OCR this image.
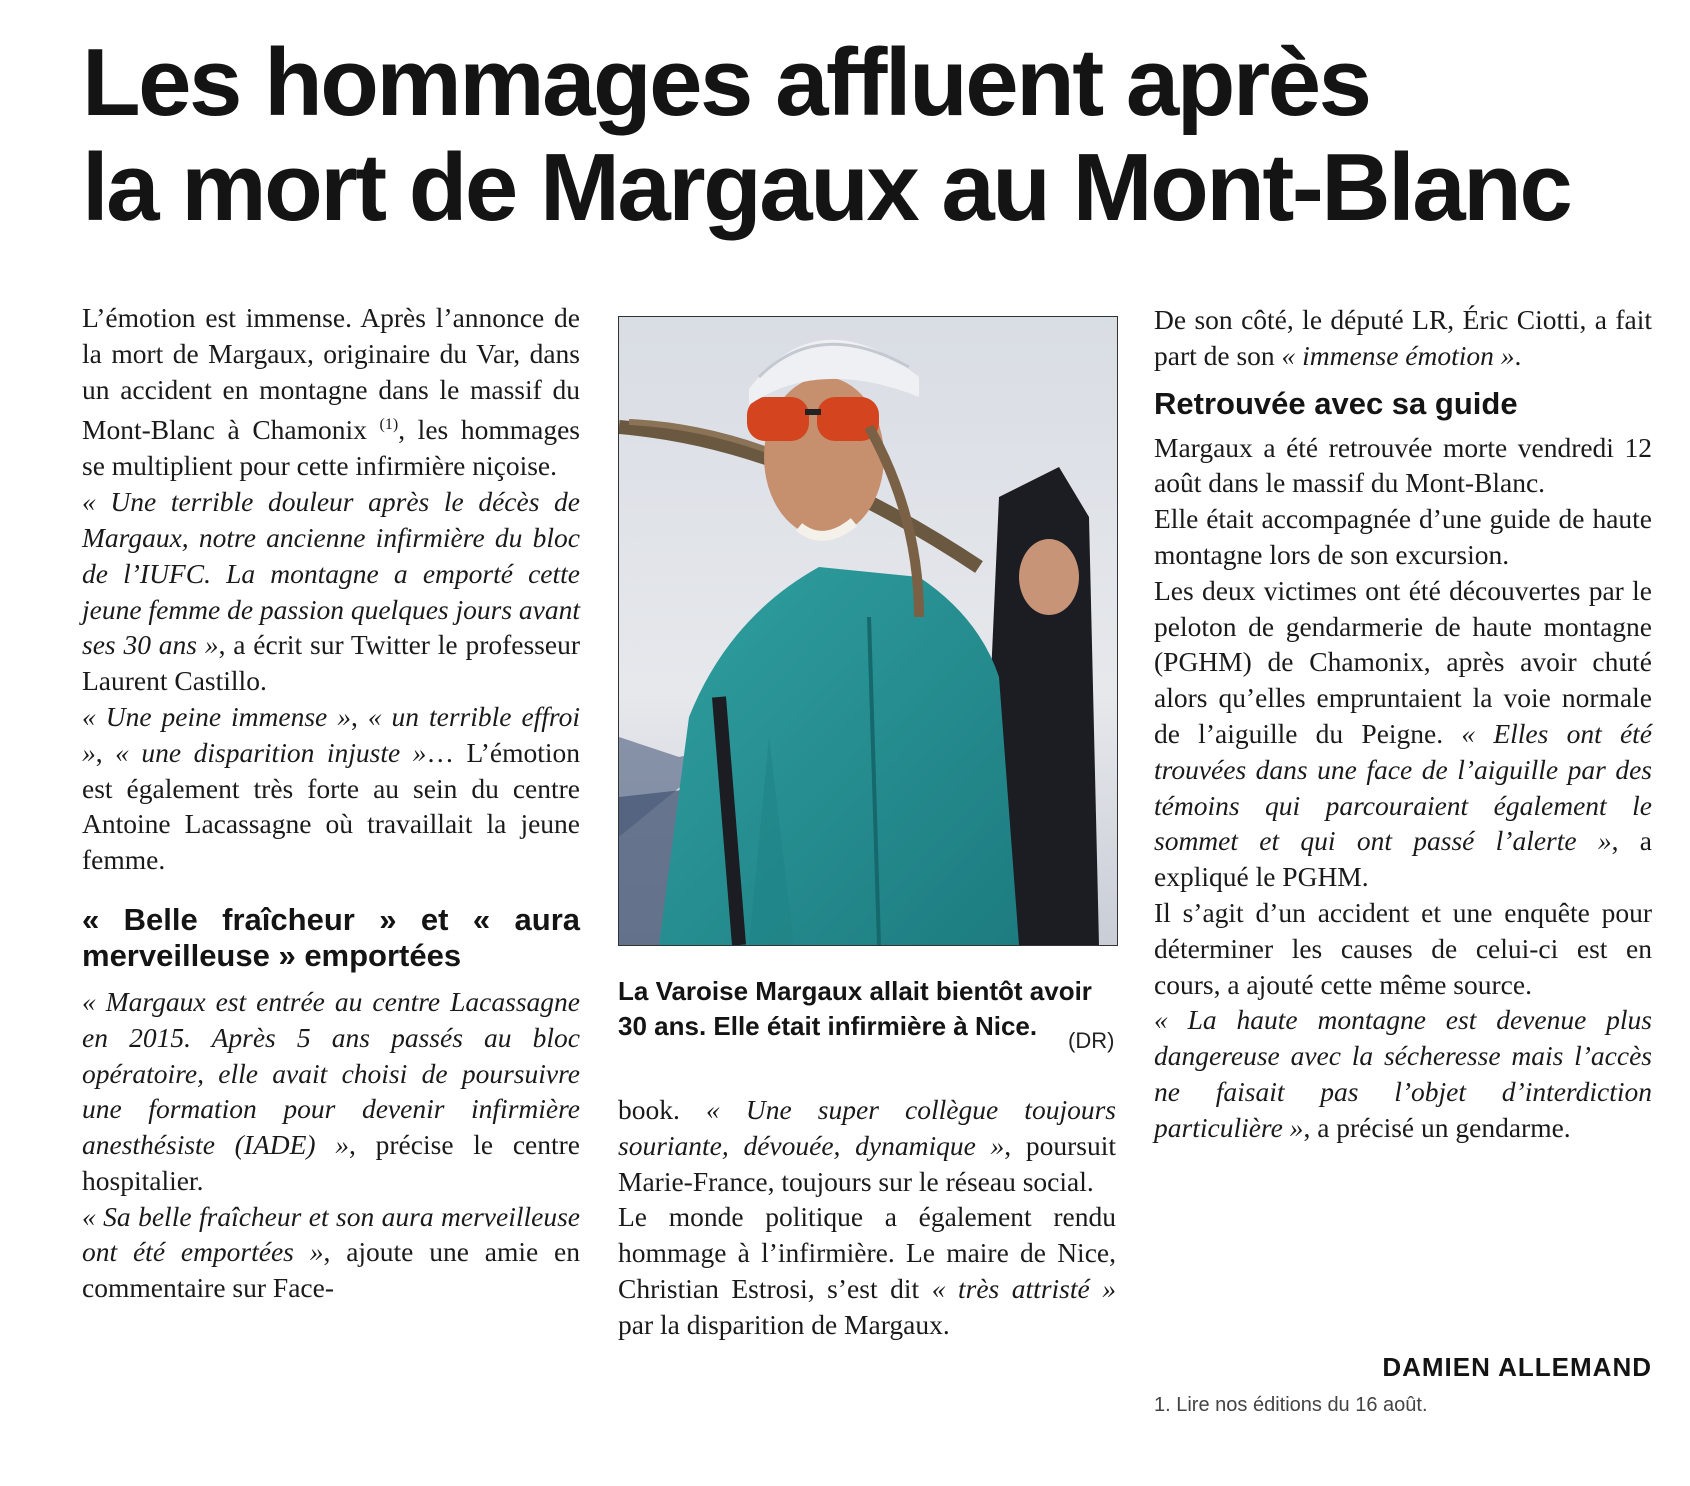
Les hommages affluent après
la mort de Margaux au Mont-Blanc

L’émotion est immense. Après l’annonce de la mort de Margaux, originaire du Var, dans un accident en montagne dans le massif du Mont-Blanc à Chamonix $^{(1)}$, les hommages se multiplient pour cette infirmière niçoise.

« Une terrible douleur après le décès de Margaux, notre ancienne infirmière du bloc de l’IUFC. La montagne a emporté cette jeune femme de passion quelques jours avant ses 30 ans », a écrit sur Twitter le professeur Laurent Castillo.

« Une peine immense », « un terrible effroi », « une disparition injuste »… L’émotion est également très forte au sein du centre Antoine Lacassagne où travaillait la jeune femme.

« Belle fraîcheur » et « aura merveilleuse » emportées

« Margaux est entrée au centre Lacassagne en 2015. Après 5 ans passés au bloc opératoire, elle avait choisi de poursuivre une formation pour devenir infirmière anesthésiste (IADE) », précise le centre hospitalier.

« Sa belle fraîcheur et son aura merveilleuse ont été emportées », ajoute une amie en commentaire sur Face-

La Varoise Margaux allait bientôt avoir 30 ans. Elle était infirmière à Nice.	(DR)

book. « Une super collègue toujours souriante, dévouée, dynamique », poursuit Marie-France, toujours sur le réseau social.

Le monde politique a également rendu hommage à l’infirmière. Le maire de Nice, Christian Estrosi, s’est dit « très attristé » par la disparition de Margaux.

De son côté, le député LR, Éric Ciotti, a fait part de son « immense émotion ».

Retrouvée avec sa guide

Margaux a été retrouvée morte vendredi 12 août dans le massif du Mont-Blanc.

Elle était accompagnée d’une guide de haute montagne lors de son excursion.

Les deux victimes ont été découvertes par le peloton de gendarmerie de haute montagne (PGHM) de Chamonix, après avoir chuté alors qu’elles empruntaient la voie normale de l’aiguille du Peigne. « Elles ont été trouvées dans une face de l’aiguille par des témoins qui parcouraient également le sommet et qui ont passé l’alerte », a expliqué le PGHM.

Il s’agit d’un accident et une enquête pour déterminer les causes de celui-ci est en cours, a ajouté cette même source.

« La haute montagne est devenue plus dangereuse avec la sécheresse mais l’accès ne faisait pas l’objet d’interdiction particulière », a précisé un gendarme.

DAMIEN ALLEMAND
1. Lire nos éditions du 16 août.
